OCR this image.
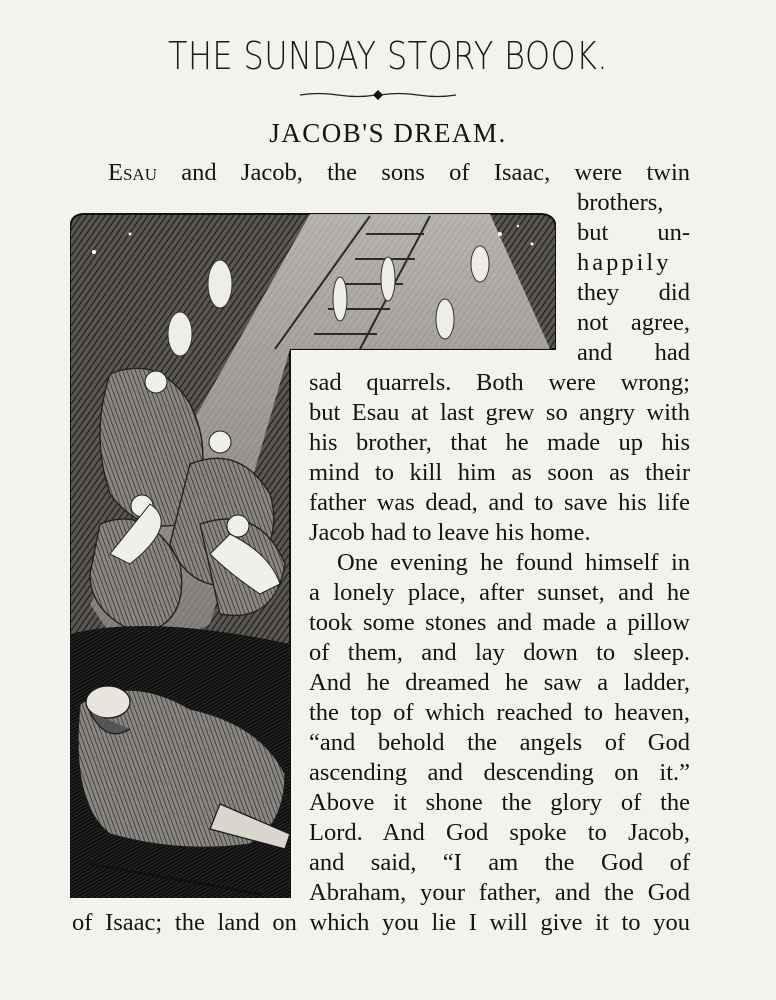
THE SUNDAY STORY BOOK.
JACOB'S DREAM.
Esau and Jacob, the sons of Isaac, were twin
brothers,
but un-
happily
they did
not agree,
and had
sad quarrels. Both were wrong;
but Esau at last grew so angry with
his brother, that he made up his
mind to kill him as soon as their
father was dead, and to save his life
Jacob had to leave his home.
One evening he found himself in
a lonely place, after sunset, and he
took some stones and made a pillow
of them, and lay down to sleep.
And he dreamed he saw a ladder,
the top of which reached to heaven,
“and behold the angels of God
ascending and descending on it.”
Above it shone the glory of the
Lord. And God spoke to Jacob,
and said, “I am the God of
Abraham, your father, and the God
of Isaac; the land on which you lie I will give it to you
